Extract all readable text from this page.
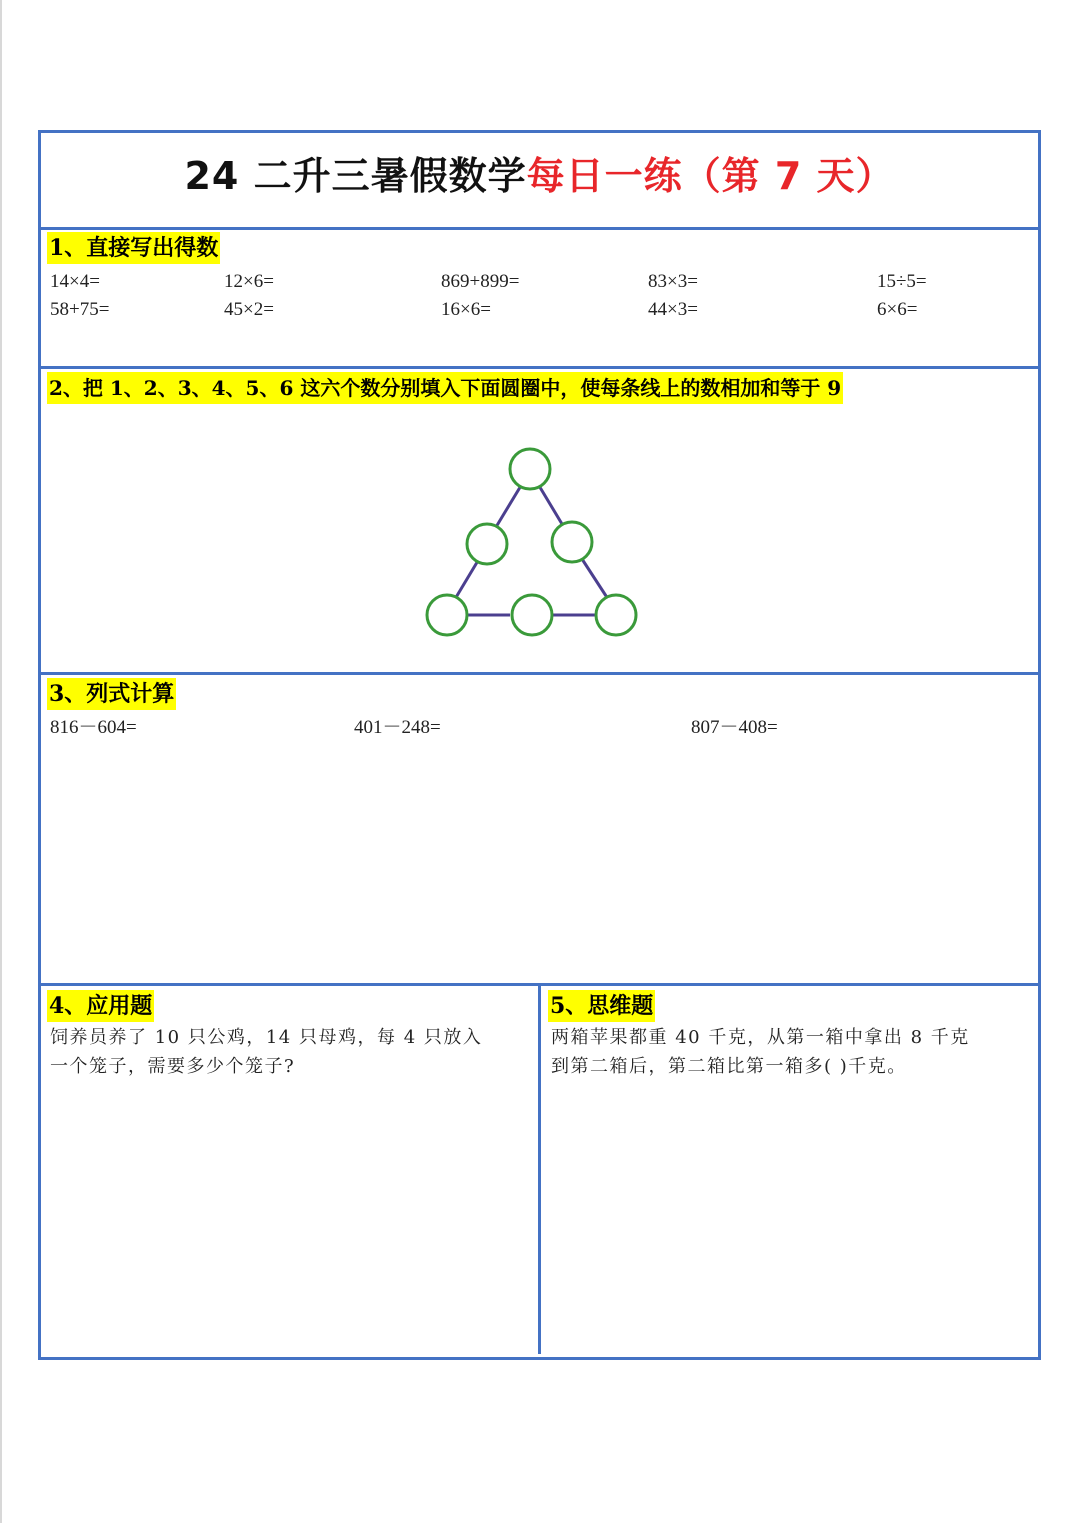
24 二升三暑假数学每日一练（第 7 天）
1、直接写出得数
14×4=	12×6=	869+899=	83×3=	15÷5=
58+75=	45×2=	16×6=	44×3=	6×6=
2、把 1、2、3、4、5、6 这六个数分别填入下面圆圈中，使每条线上的数相加和等于 9
3、列式计算
816－604=	401－248=	807－408=
4、应用题
饲养员养了 10 只公鸡，14 只母鸡，每 4 只放入
一个笼子，需要多少个笼子?
5、思维题
两箱苹果都重 40 千克，从第一箱中拿出 8 千克
到第二箱后，第二箱比第一箱多( )千克。
